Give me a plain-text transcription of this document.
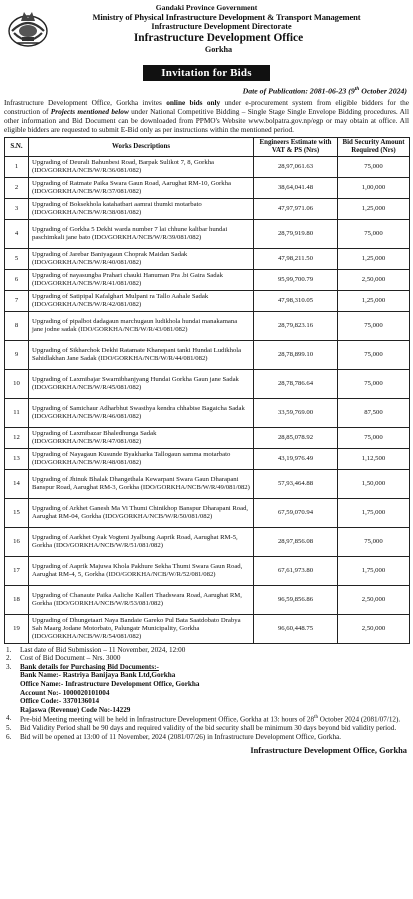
Gandaki Province Government
Ministry of Physical Infrastructure Development & Transport Management
Infrastructure Development Directorate
Infrastructure Development Office
Gorkha
Invitation for Bids
Date of Publication: 2081-06-23 (9th October 2024)
Infrastructure Development Office, Gorkha invites online bids only under e-procurement system from eligible bidders for the construction of Projects mentioned below under National Competitive Bidding – Single Stage Single Envelope Bidding procedures. All other information and Bid Document can be downloaded from PPMO's Website www.bolpatra.gov.np/egp or may obtain at office. All eligible bidders are requested to submit E-Bid only as per instructions within the mentioned period.
S.N.	Works Descriptions	Engineers Estimate with VAT & PS (Nrs)	Bid Security Amount Required (Nrs)
1	Upgrading of Deurali Bahunbesi Road, Barpak Sulikot 7, 8, Gorkha (IDO/GORKHA/NCB/W/R/36/081/082)	28,97,061.63	75,000
2	Upgrading of Ratmate Paika Swara Gaun Road, Aarughat RM-10, Gorkha (IDO/GORKHA/NCB/W/R/37/081/082)	38,64,041.48	1,00,000
3	Upgrading of Boksekhola katahatbari aamrai thumki motarbato (IDO/GORKHA/NCB/W/R/38/081/082)	47,97,971.06	1,25,000
4	Upgrading of Gorkha 5 Dekhi warda number 7 lai chhune kalibar hundai paschimkali jane bato (IDO/GORKHA/NCB/W/R/39/081/082)	28,79,919.80	75,000
5	Upgrading of Jarebar Baniyagaun Choprak Maidan Sadak (IDO/GORKHA/NCB/W/R/40/081/082)	47,98,211.50	1,25,000
6	Upgrading of nayasungba Prahari chauki Hanuman Pra .bi Gaira Sadak (IDO/GORKHA/NCB/W/R/41/081/082)	95,99,700.79	2,50,000
7	Upgrading of Satipipal Kafalghari Mulpani ra Tallo Aahale Sadak (IDO/GORKHA/NCB/W/R/42/081/082)	47,98,310.05	1,25,000
8	Upgrading of pipalbot dadagaun marchugaun ludikhola hundai manakamana jane jodne sadak (IDO/GORKHA/NCB/W/R/43/081/082)	28,79,823.16	75,000
9	Upgrading of Sikharchok Dekhi Ratamate Khanepani tanki Hundai Ludikhola Sahidlakhan Jane Sadak (IDO/GORKHA/NCB/W/R/44/081/082)	28,78,899.10	75,000
10	Upgrading of Laxmibajar Swarnibhanjyang Hundai Gorkha Gaun jane Sadak (IDO/GORKHA/NCB/W/R/45/081/082)	28,78,786.64	75,000
11	Upgrading of Samichaur Adharbhut Swasthya kendra chhabise Bagaicha Sadak (IDO/GORKHA/NCB/W/R/46/081/082)	33,59,769.00	87,500
12	Upgrading of Laxmibazar Bhaledhunga Sadak (IDO/GORKHA/NCB/W/R/47/081/082)	28,85,078.92	75,000
13	Upgrading of Nayagaun Kusunde Byakharka Tallogaun samma motarbato (IDO/GORKHA/NCB/W/R/48/081/082)	43,19,976.49	1,12,500
14	Upgrading of Jhinuk Bhalak Dhangethala Kewarpani Swara Gaun Dharapani Banspur Road, Aarughat RM-3, Gorkha (IDO/GORKHA/NCB/W/R/49/081/082)	57,93,464.88	1,50,000
15	Upgrading of Arkhet Ganesh Ma Vi Thumi Chinikhop Banspur Dharapani Road, Aarughat RM-04, Gorkha (IDO/GORKHA/NCB/W/R/50/081/082)	67,59,070.94	1,75,000
16	Upgrading of Aarkhet Oyak Vogteni Jyalbung Aaprik Road, Aarughat RM-5, Gorkha (IDO/GORKHA/NCB/W/R/51/081/082)	28,97,856.08	75,000
17	Upgrading of Aaprik Majuwa Khola Pakhure Sekha Thumi Swara Gaun Road, Aarughat RM-4, 5, Gorkha (IDO/GORKHA/NCB/W/R/52/081/082)	67,61,973.80	1,75,000
18	Upgrading of Chanaute Paika Aaliche Kalleri Thadswara Road, Aarughat RM, Gorkha (IDO/GORKHA/NCB/W/R/53/081/082)	96,59,856.86	2,50,000
19	Upgrading of Dhungetaari Naya Bandaie Gareko Pul Bata Saatdobato Drabya Sah Maarg Jodane Motorbato, Palungatr Municipality, Gorkha (IDO/GORKHA/NCB/W/R/54/081/082)	96,60,448.75	2,50,000
1.	Last date of Bid Submission – 11 November, 2024, 12:00
2.	Cost of Bid Document – Nrs. 3000
3.	Bank details for Purchasing Bid Documents:-
Bank Name:- Rastriya Banijaya Bank Ltd,Gorkha
Office Name:- Infrastructure Development Office, Gorkha
Account No:- 1000020101004
Office Code:- 3370136014
Rajaswa (Revenue) Code No:-14229
4.	Pre-bid Meeting meeting will be held in Infrastructure Development Office, Gorkha at 13: hours of 28th October 2024 (2081/07/12).
5.	Bid Validity Period shall be 90 days and required validity of the bid security shall be minimum 30 days beyond bid validity period.
6.	Bid will be opened at 13:00 of 11 November, 2024 (2081/07/26) in Infrastructure Development Office, Gorkha.
Infrastructure Development Office, Gorkha
